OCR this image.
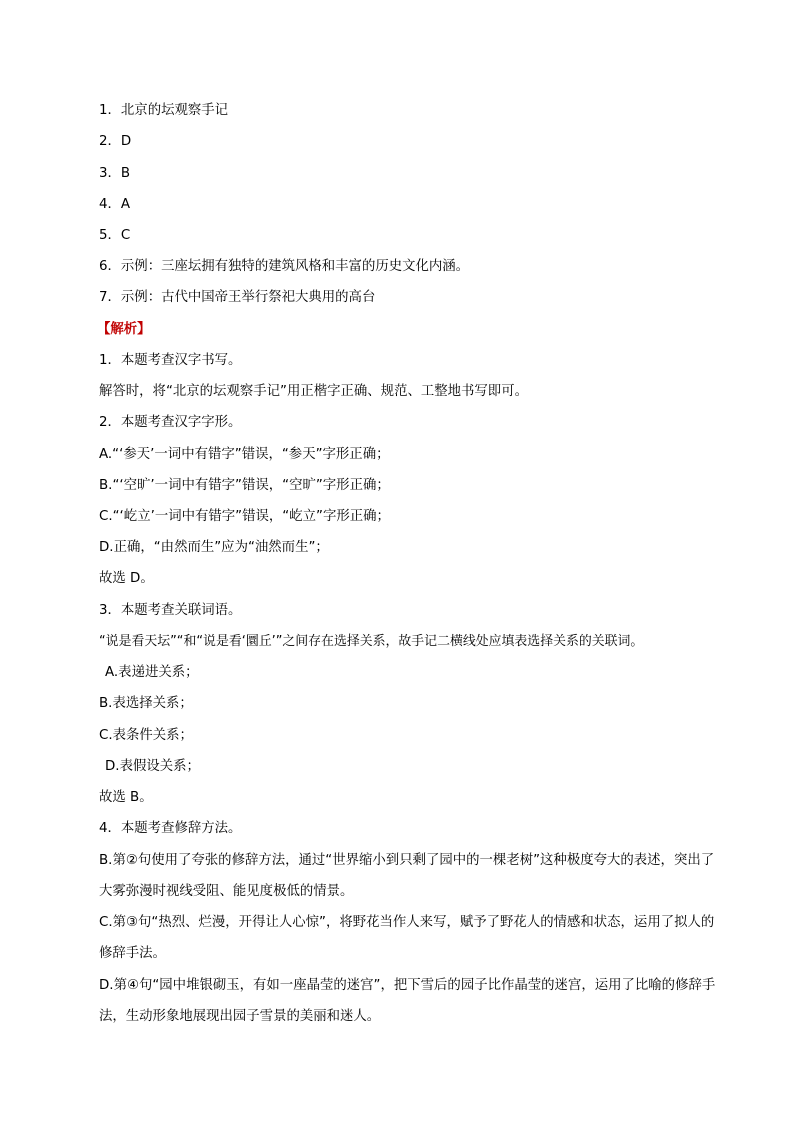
1．北京的坛观察手记
2．D
3．B
4．A
5．C
6．示例：三座坛拥有独特的建筑风格和丰富的历史文化内涵。
7．示例：古代中国帝王举行祭祀大典用的高台
【解析】
1．本题考查汉字书写。
解答时，将“北京的坛观察手记”用正楷字正确、规范、工整地书写即可。
2．本题考查汉字字形。
A.“‘参天’一词中有错字”错误，“参天”字形正确；
B.“‘空旷’一词中有错字”错误，“空旷”字形正确；
C.“‘屹立’一词中有错字”错误，“屹立”字形正确；
D.正确，“由然而生”应为“油然而生”；
故选 D。
3．本题考查关联词语。
“说是看天坛”“和“说是看‘圜丘’”之间存在选择关系，故手记二横线处应填表选择关系的关联词。
A.表递进关系；
B.表选择关系；
C.表条件关系；
D.表假设关系；
故选 B。
4．本题考查修辞方法。
B.第②句使用了夸张的修辞方法，通过“世界缩小到只剩了园中的一棵老树”这种极度夸大的表述，突出了大雾弥漫时视线受阻、能见度极低的情景。
C.第③句“热烈、烂漫，开得让人心惊”，将野花当作人来写，赋予了野花人的情感和状态，运用了拟人的修辞手法。
D.第④句“园中堆银砌玉，有如一座晶莹的迷宫”，把下雪后的园子比作晶莹的迷宫，运用了比喻的修辞手法，生动形象地展现出园子雪景的美丽和迷人。
